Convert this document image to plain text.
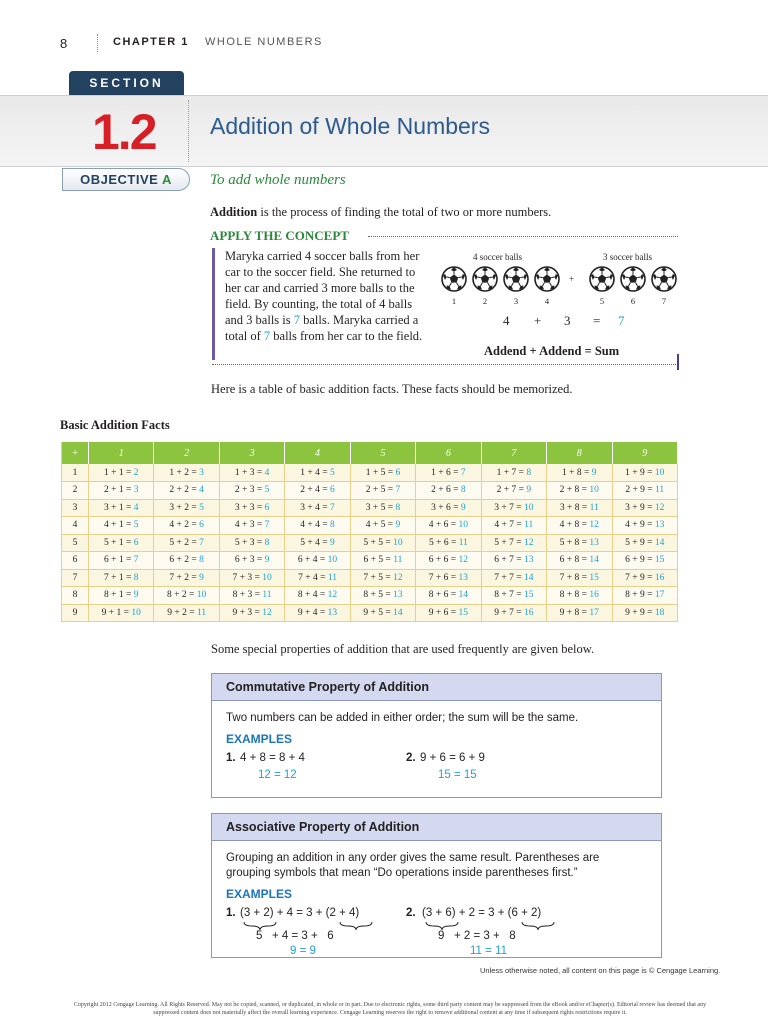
8	CHAPTER 1 WHOLE NUMBERS
SECTION
1.2 Addition of Whole Numbers
OBJECTIVE A	To add whole numbers
Addition is the process of finding the total of two or more numbers.
APPLY THE CONCEPT
Maryka carried 4 soccer balls from her car to the soccer field. She returned to her car and carried 3 more balls to the field. By counting, the total of 4 balls and 3 balls is 7 balls. Maryka carried a total of 7 balls from her car to the field.
4 soccer balls	3 soccer balls
+
1	2	3	4	5	6	7
4 + 3 = 7
Addend + Addend = Sum
Here is a table of basic addition facts. These facts should be memorized.
Basic Addition Facts
+	1	2	3	4	5	6	7	8	9
1	1 + 1 = 2	1 + 2 = 3	1 + 3 = 4	1 + 4 = 5	1 + 5 = 6	1 + 6 = 7	1 + 7 = 8	1 + 8 = 9	1 + 9 = 10
2	2 + 1 = 3	2 + 2 = 4	2 + 3 = 5	2 + 4 = 6	2 + 5 = 7	2 + 6 = 8	2 + 7 = 9	2 + 8 = 10	2 + 9 = 11
3	3 + 1 = 4	3 + 2 = 5	3 + 3 = 6	3 + 4 = 7	3 + 5 = 8	3 + 6 = 9	3 + 7 = 10	3 + 8 = 11	3 + 9 = 12
4	4 + 1 = 5	4 + 2 = 6	4 + 3 = 7	4 + 4 = 8	4 + 5 = 9	4 + 6 = 10	4 + 7 = 11	4 + 8 = 12	4 + 9 = 13
5	5 + 1 = 6	5 + 2 = 7	5 + 3 = 8	5 + 4 = 9	5 + 5 = 10	5 + 6 = 11	5 + 7 = 12	5 + 8 = 13	5 + 9 = 14
6	6 + 1 = 7	6 + 2 = 8	6 + 3 = 9	6 + 4 = 10	6 + 5 = 11	6 + 6 = 12	6 + 7 = 13	6 + 8 = 14	6 + 9 = 15
7	7 + 1 = 8	7 + 2 = 9	7 + 3 = 10	7 + 4 = 11	7 + 5 = 12	7 + 6 = 13	7 + 7 = 14	7 + 8 = 15	7 + 9 = 16
8	8 + 1 = 9	8 + 2 = 10	8 + 3 = 11	8 + 4 = 12	8 + 5 = 13	8 + 6 = 14	8 + 7 = 15	8 + 8 = 16	8 + 9 = 17
9	9 + 1 = 10	9 + 2 = 11	9 + 3 = 12	9 + 4 = 13	9 + 5 = 14	9 + 6 = 15	9 + 7 = 16	9 + 8 = 17	9 + 9 = 18
Some special properties of addition that are used frequently are given below.
Commutative Property of Addition
Two numbers can be added in either order; the sum will be the same.
EXAMPLES
1. 4 + 8 = 8 + 4
12 = 12
2. 9 + 6 = 6 + 9
15 = 15
Associative Property of Addition
Grouping an addition in any order gives the same result. Parentheses are grouping symbols that mean “Do operations inside parentheses first.”
EXAMPLES
1. (3 + 2) + 4 = 3 + (2 + 4)
5   + 4 = 3 +   6
9 = 9
2. (3 + 6) + 2 = 3 + (6 + 2)
9   + 2 = 3 +   8
11 = 11
Unless otherwise noted, all content on this page is © Cengage Learning.
Copyright 2012 Cengage Learning. All Rights Reserved. May not be copied, scanned, or duplicated, in whole or in part. Due to electronic rights, some third party content may be suppressed from the eBook and/or eChapter(s). Editorial review has deemed that any suppressed content does not materially affect the overall learning experience. Cengage Learning reserves the right to remove additional content at any time if subsequent rights restrictions require it.
